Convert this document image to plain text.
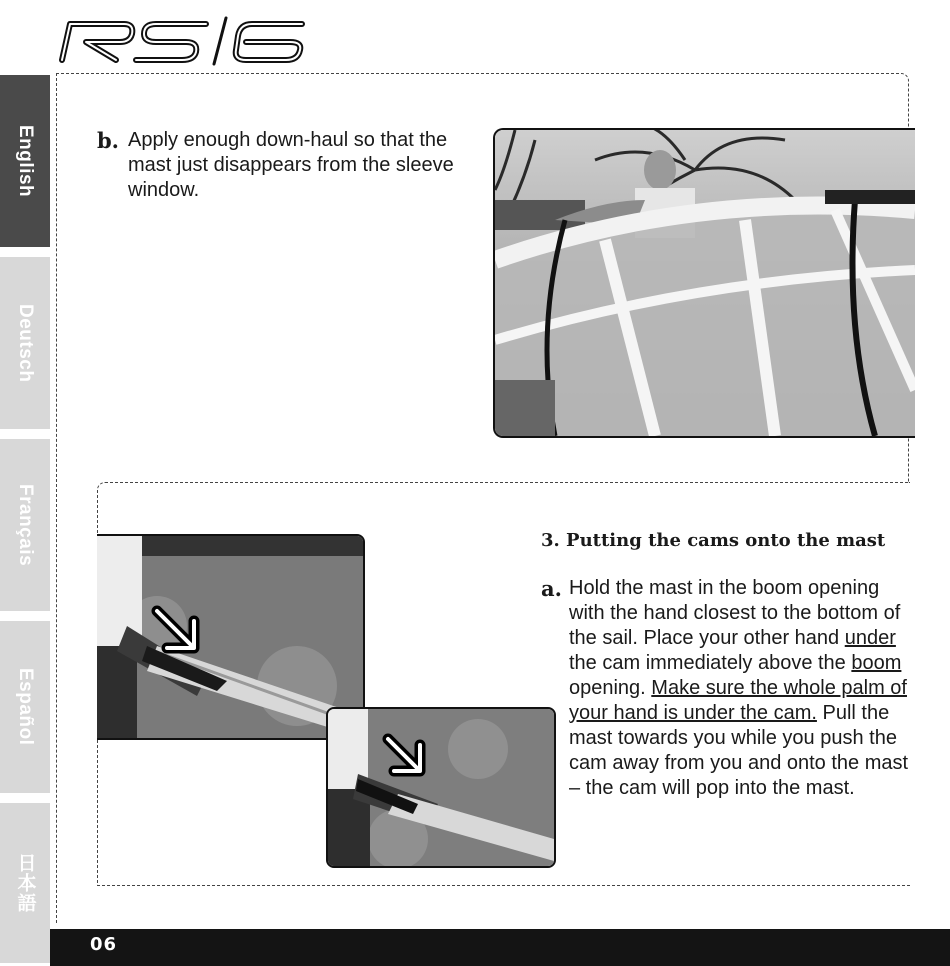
English
Deutsch
Français
Español
日本語
b. Apply enough down-haul so that the mast just disappears from the sleeve window.
3. Putting the cams onto the mast
a. Hold the mast in the boom opening with the hand closest to the bottom of the sail. Place your other hand under the cam immediately above the boom opening. Make sure the whole palm of your hand is under the cam. Pull the mast towards you while you push the cam away from you and onto the mast – the cam will pop into the mast.
06
